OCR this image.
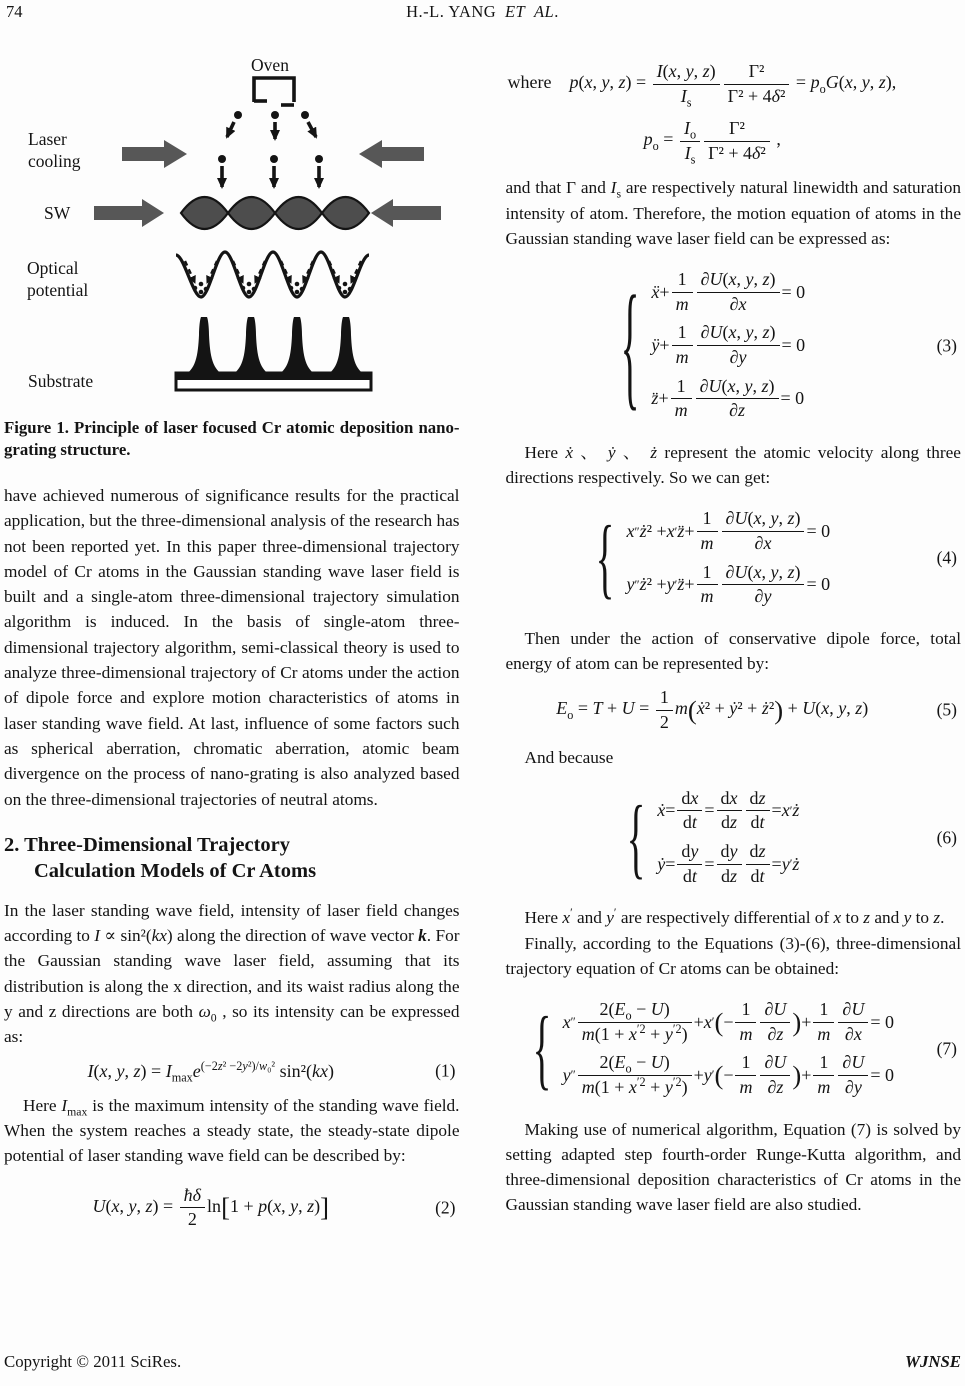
74	H.-L. YANG ET AL.
Oven
Laser
cooling
SW
Optical
potential
Substrate
Figure 1. Principle of laser focused Cr atomic deposition nano-grating structure.

have achieved numerous of significance results for the practical application, but the three-dimensional analysis of the research has not been reported yet. In this paper three-dimensional trajectory model of Cr atoms in the Gaussian standing wave laser field is built and a single-atom three-dimensional trajectory simulation algorithm is induced. In the basis of single-atom three-dimensional trajectory algorithm, semi-classical theory is used to analyze three-dimensional trajectory of Cr atoms under the action of dipole force and explore motion characteristics of atoms in laser standing wave field. At last, influence of some factors such as spherical aberration, chromatic aberration, atomic beam divergence on the process of nano-grating is also analyzed based on the three-dimensional trajectories of neutral atoms.

2. Three-Dimensional Trajectory
Calculation Models of Cr Atoms

In the laser standing wave field, intensity of laser field changes according to I ∝ sin²(kx) along the direction of wave vector k. For the Gaussian standing wave laser field, assuming that its distribution is along the x direction, and its waist radius along the y and z directions are both $\omega_0$ , so its intensity can be expressed as:

I(x, y, $z) = I_{max}e^{(-2z^2 -2y^2)/w_0^2}$ sin²(kx)	(1)

Here $I_{max}$ is the maximum intensity of the standing wave field. When the system reaches a steady state, the steady-state dipole potential of laser standing wave field can be described by:

U(x, y, $z) = \frac{ħ\delta}{2} \ln[1 + p(x$, y, z)]	(2)
where p(x, y, $z) = \frac{I(x, y, z)}{I_s} \frac{\text{Γ²}}{\text{Γ² + 4δ²}} = p_oG(x$, y, z),
$p_o = \frac{I_o}{I_s} \frac{\text{Γ²}}{\text{Γ² + 4δ²}}$ ,

and that Γ and $I_s$ are respectively natural linewidth and saturation intensity of atom. Therefore, the motion equation of atoms in the Gaussian standing wave laser field can be expressed as:

{ ẍ + $\frac{1}{m} \frac{\partial U(x, y, z)}{\partial x} = 0$
ÿ + $\frac{1}{m} \frac{\partial U(x, y, z)}{\partial y} = 0$
z̈ + $\frac{1}{m} \frac{\partial U(x, y, z)}{\partial z} = 0$
(3)

Here ẋ 、 ẏ 、 ż represent the atomic velocity along three directions respectively. So we can get:

{ x ″ ż ² + x ′ z̈ + $\frac{1}{m} \frac{\partial U(x, y, z)}{\partial x} = 0$
y ″ ż ² + y ′ z̈ + $\frac{1}{m} \frac{\partial U(x, y, z)}{\partial y} = 0$
(4)

Then under the action of conservative dipole force, total energy of atom can be represented by:

$E_o = T + U = \frac{1}{2}$ m(ẋ² + ẏ² + ż²) + U(x, y, z)	(5)

And because

{ ẋ = $\frac{dx}{dt} = \frac{dx}{dz} \frac{dz}{dt} = x$ ′ ż
ẏ = $\frac{dy}{dt} = \frac{dy}{dz} \frac{dz}{dt} = y$ ′ ż
(6)

Here x′ and y′ are respectively differential of x to z and y to z.

Finally, according to the Equations (3)-(6), three-dimensional trajectory equation of Cr atoms can be obtained:

{ x ″ $\frac{2(E_o - U)}{m(1 + x^{'2} + y^{'2})} + x$ ′ ( − $\frac{1}{m} \frac{\partial U}{\partial z}$ ) + $\frac{1}{m} \frac{\partial U}{\partial x} = 0$
y ″ $\frac{2(E_o - U)}{m(1 + x^{'2} + y^{'2})} + y$ ′ ( − $\frac{1}{m} \frac{\partial U}{\partial z}$ ) + $\frac{1}{m} \frac{\partial U}{\partial y} = 0$
(7)

Making use of numerical algorithm, Equation (7) is solved by setting adapted step fourth-order Runge-Kutta algorithm, and three-dimensional deposition characteristics of Cr atoms in the Gaussian standing wave laser field are also studied.

Copyright © 2011 SciRes.	WJNSE
